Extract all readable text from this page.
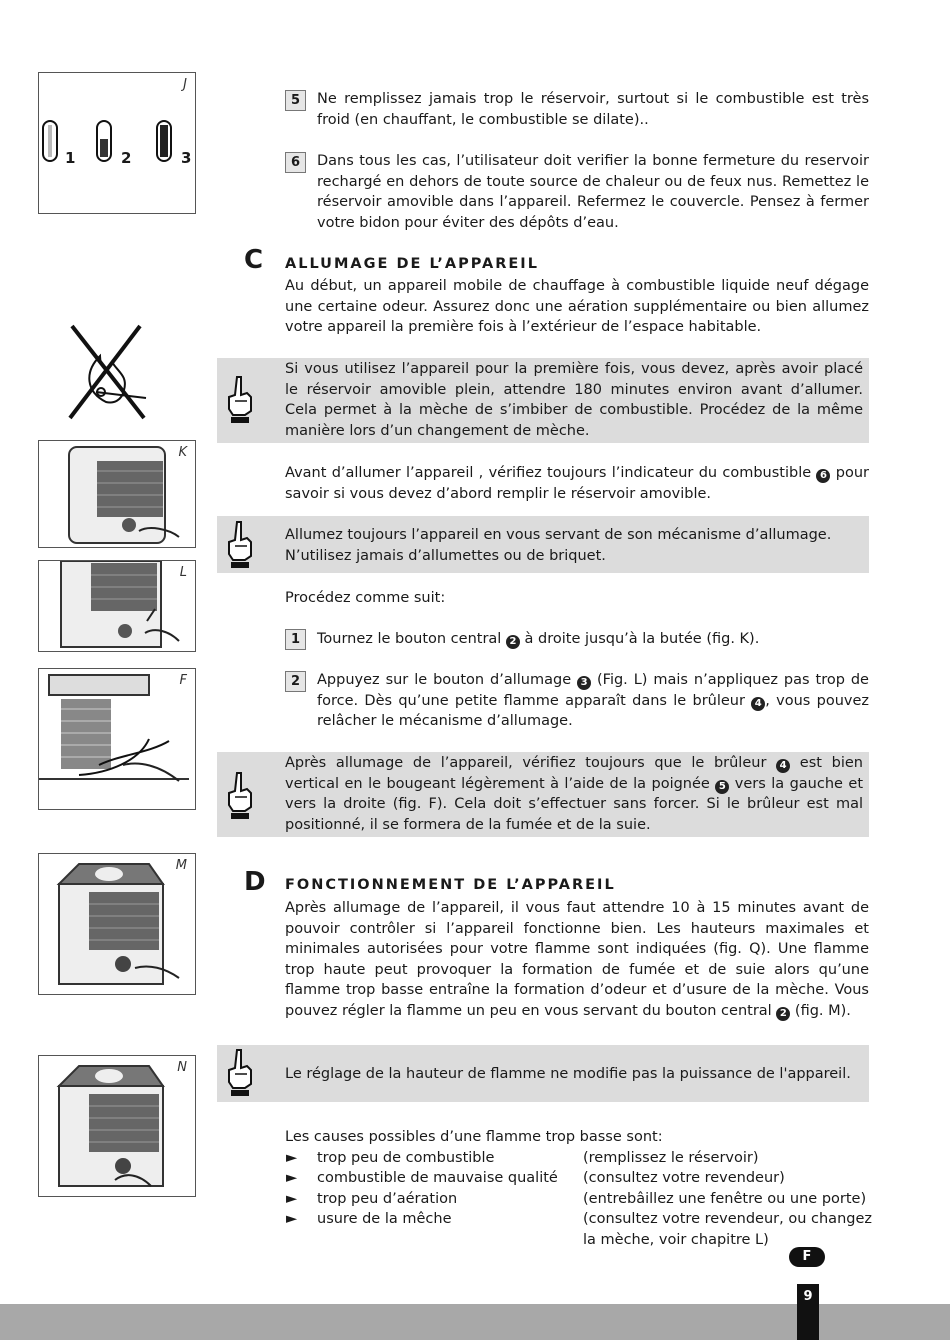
J
1	2	3
K
L
F
M
N
5	Ne remplissez jamais trop le réservoir, surtout si le combustible est très froid (en chauffant, le combustible se dilate)..
6	Dans tous les cas, l’utilisateur doit verifier la bonne fermeture du reservoir rechargé en dehors de toute source de chaleur ou de feux nus. Remettez le réservoir amovible dans l’appareil. Refermez le couvercle. Pensez à fermer votre bidon pour éviter des dépôts d’eau.
C ALLUMAGE DE L’APPAREIL
Au début, un appareil mobile de chauffage à combustible liquide neuf dégage une certaine odeur. Assurez donc une aération supplémentaire ou bien allumez votre appareil la première fois à l’extérieur de l’espace habitable.
Si vous utilisez l’appareil pour la première fois, vous devez, après avoir placé le réservoir amovible plein, attendre 180 minutes environ avant d’allumer. Cela permet à la mèche de s’imbiber de combustible. Procédez de la même manière lors d’un changement de mèche.
Avant d’allumer l’appareil , vérifiez toujours l’indicateur du combustible 6 pour savoir si vous devez d’abord remplir le réservoir amovible.
Allumez toujours l’appareil en vous servant de son mécanisme d’allumage. N’utilisez jamais d’allumettes ou de briquet.
Procédez comme suit:
1	Tournez le bouton central 2 à droite jusqu’à la butée (fig. K).
2	Appuyez sur le bouton d’allumage 3 (Fig. L) mais n’appliquez pas trop de force. Dès qu’une petite flamme apparaît dans le brûleur 4 , vous pouvez relâcher le mécanisme d’allumage.
Après allumage de l’appareil, vérifiez toujours que le brûleur 4 est bien vertical en le bougeant légèrement à l’aide de la poignée 5 vers la gauche et vers la droite (fig. F). Cela doit s’effectuer sans forcer. Si le brûleur est mal positionné, il se formera de la fumée et de la suie.
D FONCTIONNEMENT DE L’APPAREIL
Après allumage de l’appareil, il vous faut attendre 10 à 15 minutes avant de pouvoir contrôler si l’appareil fonctionne bien. Les hauteurs maximales et minimales autorisées pour votre flamme sont indiquées (fig. Q). Une flamme trop haute peut provoquer la formation de fumée et de suie alors qu’une flamme trop basse entraîne la formation d’odeur et d’usure de la mèche. Vous pouvez régler la flamme un peu en vous servant du bouton central 2 (fig. M).
Le réglage de la hauteur de flamme ne modifie pas la puissance de l'appareil.
Les causes possibles d’une flamme trop basse sont:
► trop peu de combustible	(remplissez le réservoir)
► combustible de mauvaise qualité (consultez votre revendeur)
► trop peu d’aération	(entrebâillez une fenêtre ou une porte)
► usure de la mêche	(consultez votre revendeur, ou changez la mèche, voir chapitre L)
F
9
